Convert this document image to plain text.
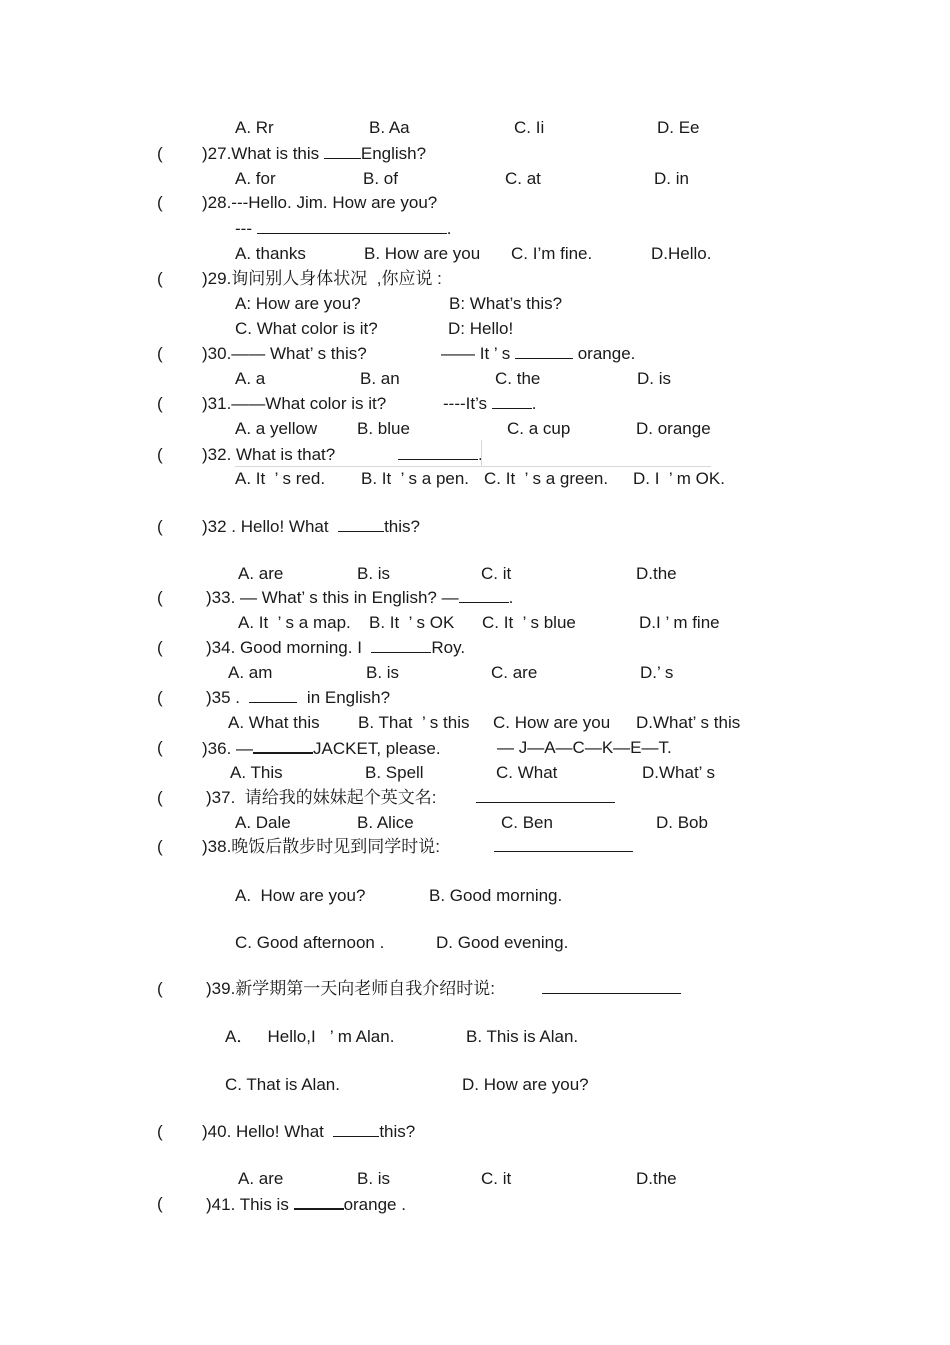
A. Rr	B. Aa	C. Ii	D. Ee
( )27.What is this English?
A. for	B. of	C. at	D. in
( )28.---Hello. Jim. How are you?
---	.
A. thanks	B. How are you C. I’m fine.	D.Hello.
( )29.询问别人身体状况  ,你应说 :
A: How are you?	B: What’s this?
C. What color is it?	D: Hello!
( )30.—— What’ s this?	—— It ’ s	orange.
A. a	B. an	C. the	D. is
( )31.——What color is it?	----It’s .
A. a yellow B. blue	C. a cup	D. orange
( )32. What is that?	.
A. It  ’ s red. B. It  ’ s a pen. C. It  ’ s a green. D. I  ’ m OK.
( )32 . Hello! What	this?
A. are	B. is	C. it	D.the
(	)33. — What’ s this in English? —	.
A. It  ’ s a map. B. It  ’ s OK C. It  ’ s blue	D.I ’ m fine
(	)34. Good morning. I	Roy.
A. am	B. is	C. are	D.’ s
(	)35 .	in English?
A. What this B. That  ’ s this C. How are you D.What’ s this
( )36. —	JACKET, please.	— J—A—C—K—E—T.
A. This	B. Spell	C. What	D.What’ s
(	)37.  请给我的妹妹起个英文名:
A. Dale	B. Alice	C. Ben	D. Bob
( )38.晚饭后散步时见到同学时说:
A.  How are you?	B. Good morning.
C. Good afternoon .	D. Good evening.
(	)39.新学期第一天向老师自我介绍时说:
A．   Hello,I   ’ m Alan.	B. This is Alan.
C. That is Alan.	D. How are you?
( )40. Hello! What	this?
A. are	B. is	C. it	D.the
(	)41. This is	orange .
